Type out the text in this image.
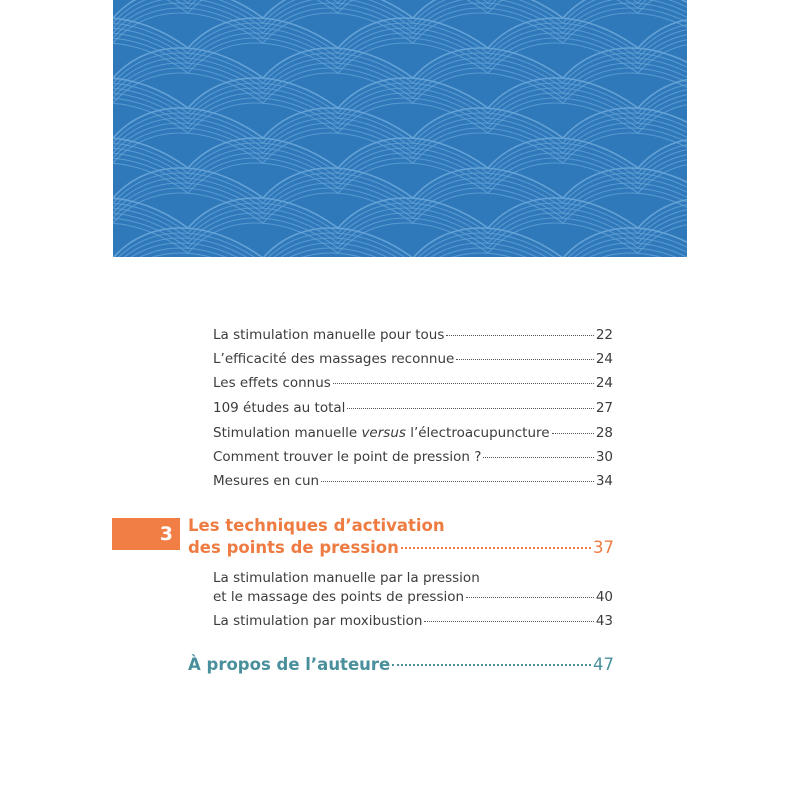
La stimulation manuelle pour tous	22
L’efficacité des massages reconnue	24
Les effets connus	24
109 études au total	27
Stimulation manuelle versus l’électroacupuncture	28
Comment trouver le point de pression ?	30
Mesures en cun	34
3 Les techniques d’activation
des points de pression	37
La stimulation manuelle par la pression
et le massage des points de pression	40
La stimulation par moxibustion	43
À propos de l’auteure	47
